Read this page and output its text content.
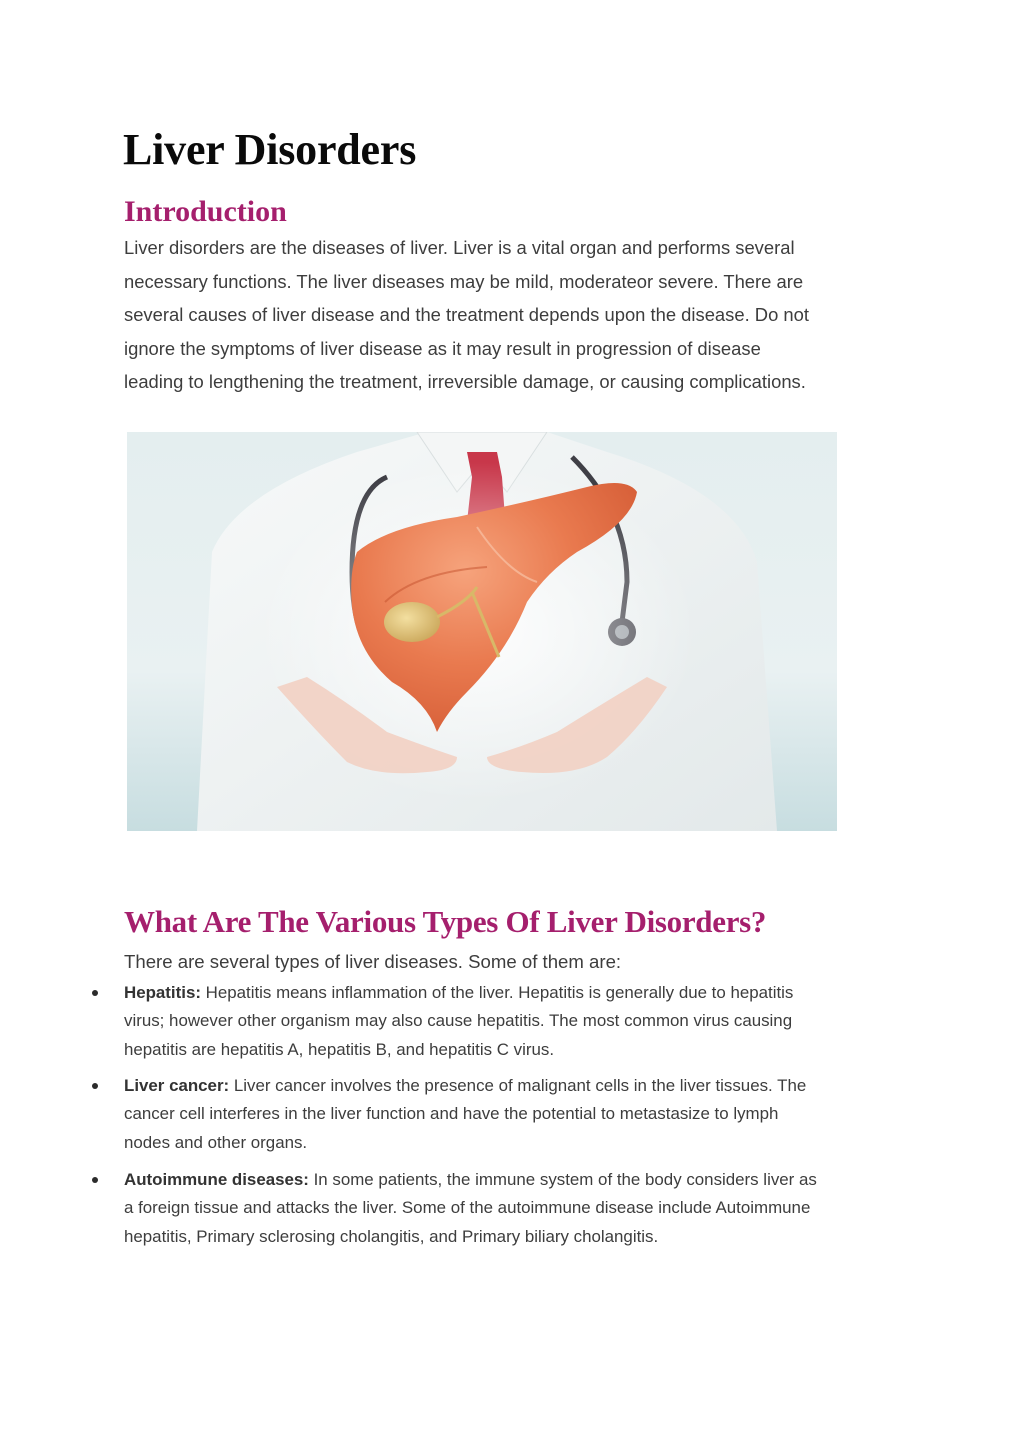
Liver Disorders
Introduction

Liver disorders are the diseases of liver. Liver is a vital organ and performs several
necessary functions. The liver diseases may be mild, moderateor severe. There are
several causes of liver disease and the treatment depends upon the disease. Do not
ignore the symptoms of liver disease as it may result in progression of disease
leading to lengthening the treatment, irreversible damage, or causing complications.

What Are The Various Types Of Liver Disorders?

There are several types of liver diseases. Some of them are:

Hepatitis: Hepatitis means inflammation of the liver. Hepatitis is generally due to hepatitis
virus; however other organism may also cause hepatitis. The most common virus causing
hepatitis are hepatitis A, hepatitis B, and hepatitis C virus.
Liver cancer: Liver cancer involves the presence of malignant cells in the liver tissues. The
cancer cell interferes in the liver function and have the potential to metastasize to lymph
nodes and other organs.
Autoimmune diseases: In some patients, the immune system of the body considers liver as
a foreign tissue and attacks the liver. Some of the autoimmune disease include Autoimmune
hepatitis, Primary sclerosing cholangitis, and Primary biliary cholangitis.
